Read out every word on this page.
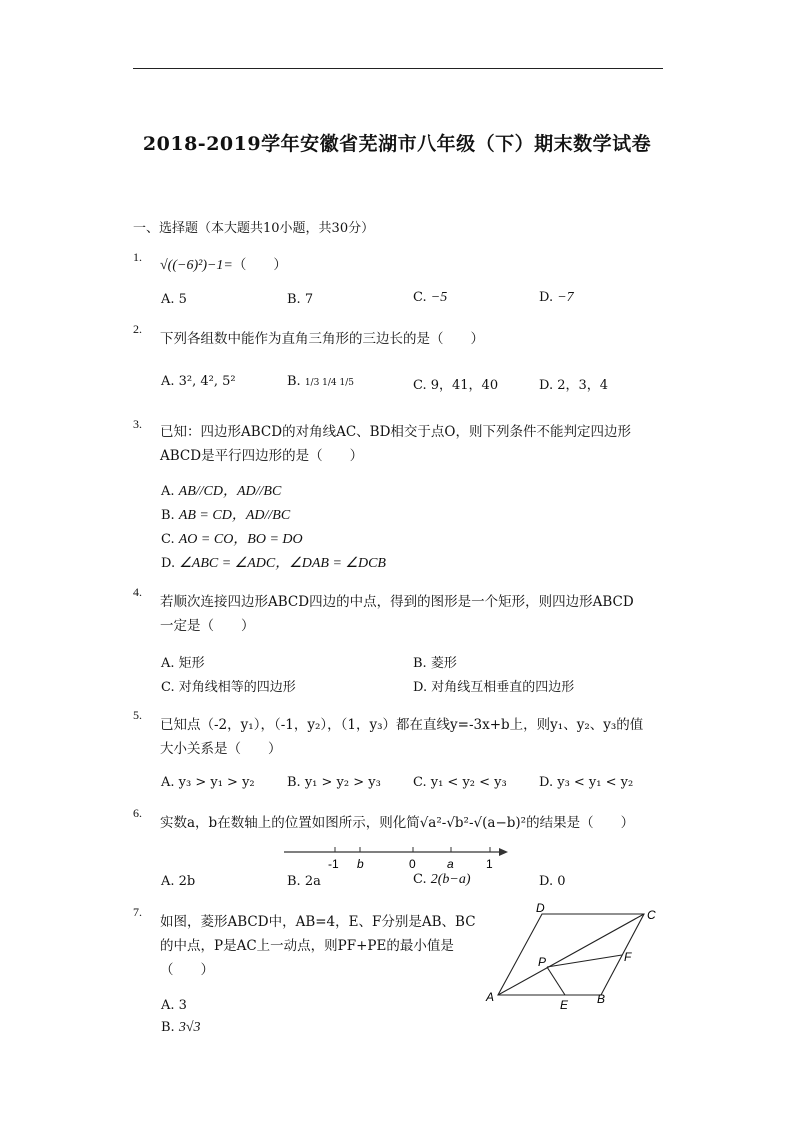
2018-2019学年安徽省芜湖市八年级（下）期末数学试卷
一、选择题（本大题共10小题，共30分）
1.
√((−6)²)−1=（　　）
A. 5	B. 7	C. −5	D. −7
2.
下列各组数中能作为直角三角形的三边长的是（　　）
A. 3², 4², 5²	B. 1/3 1/4 1/5	C. 9，41，40	D. 2，3，4
3. 已知：四边形ABCD的对角线AC、BD相交于点O，则下列条件不能判定四边形
ABCD是平行四边形的是（　　）
A. AB//CD，AD//BC
B. AB = CD，AD//BC
C. AO = CO，BO = DO
D. ∠ABC = ∠ADC，∠DAB = ∠DCB
4.
若顺次连接四边形ABCD四边的中点，得到的图形是一个矩形，则四边形ABCD
一定是（　　）
A. 矩形	B. 菱形
C. 对角线相等的四边形	D. 对角线互相垂直的四边形
5.
已知点（-2，y₁），（-1，y₂），（1，y₃）都在直线y=-3x+b上，则y₁、y₂、y₃的值
大小关系是（　　）
A. y₃ > y₁ > y₂ B. y₁ > y₂ > y₃ C. y₁ < y₂ < y₃ D. y₃ < y₁ < y₂
6.
实数a，b在数轴上的位置如图所示，则化简√a²-√b²-√(a−b)²的结果是（　　）
-1 b	0	a	1
A. 2b	B. 2a	C. 2(b−a)	D. 0
7.
如图，菱形ABCD中，AB=4，E、F分别是AB、BC
的中点，P是AC上一动点，则PF+PE的最小值是
（　　）
A. 3
B. 3√3
D	C
P	F
A
E B
